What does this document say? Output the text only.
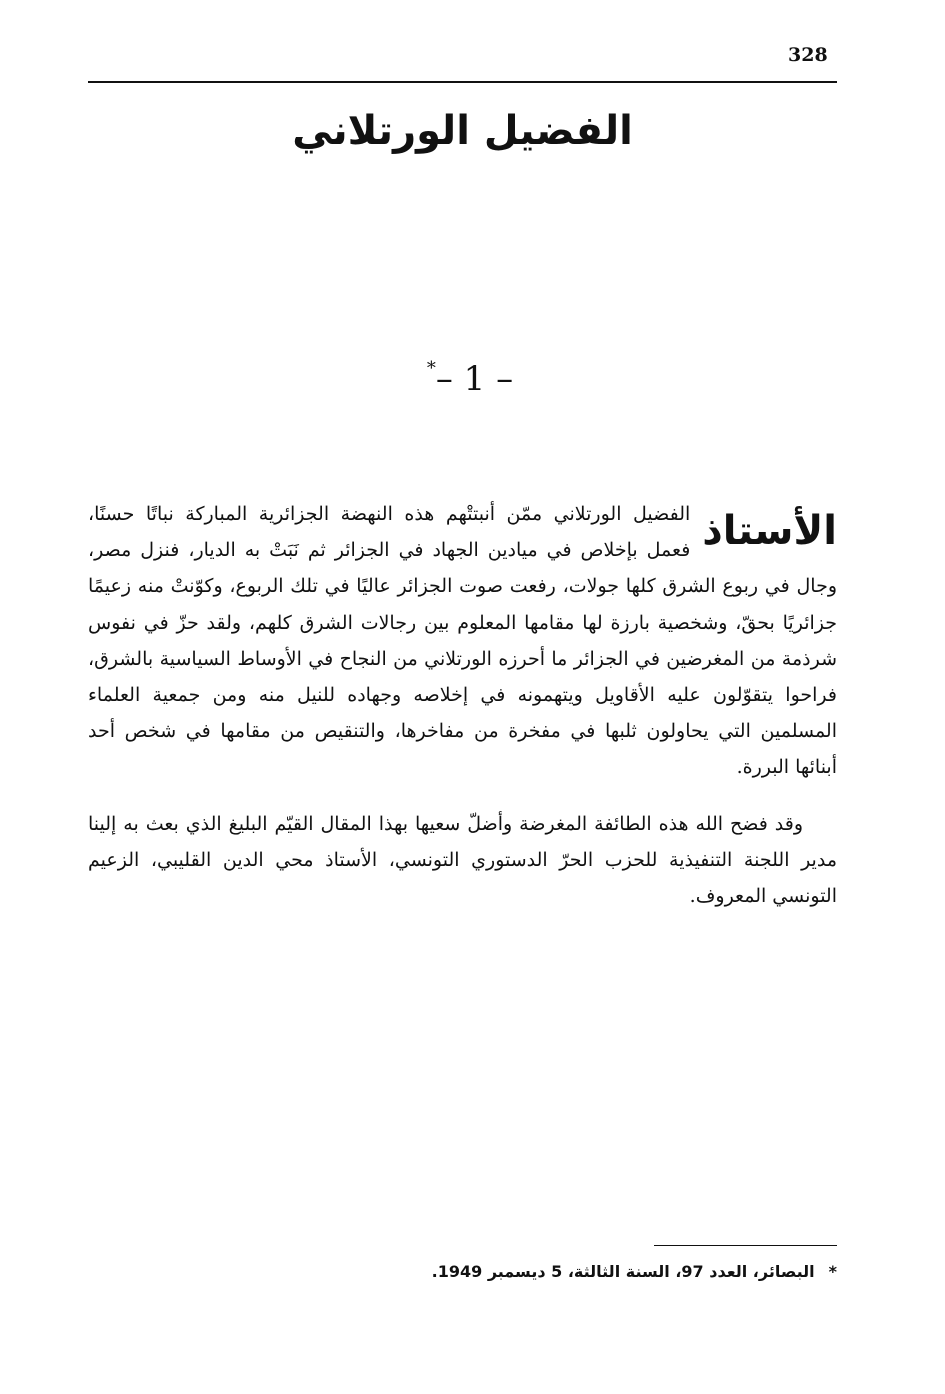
328
الفضيل الورتلاني
*– 1 –

الأستاذ
الفضيل الورتلاني ممّن أنبتتْهم هذه النهضة الجزائرية المباركة نباتًا حسنًا، فعمل بإخلاص في ميادين الجهاد في الجزائر ثم نَبَتْ به الديار، فنزل مصر، وجال في ربوع الشرق كلها جولات، رفعت صوت الجزائر عاليًا في تلك الربوع، وكوّنتْ منه زعيمًا جزائريًا بحقّ، وشخصية بارزة لها مقامها المعلوم بين رجالات الشرق كلهم، ولقد حزّ في نفوس شرذمة من المغرضين في الجزائر ما أحرزه الورتلاني من النجاح في الأوساط السياسية بالشرق، فراحوا يتقوّلون عليه الأقاويل ويتهمونه في إخلاصه وجهاده للنيل منه ومن جمعية العلماء المسلمين التي يحاولون ثلبها في مفخرة من مفاخرها، والتنقيص من مقامها في شخص أحد أبنائها البررة.

وقد فضح الله هذه الطائفة المغرضة وأضلّ سعيها بهذا المقال القيّم البليغ الذي بعث به إلينا مدير اللجنة التنفيذية للحزب الحرّ الدستوري التونسي، الأستاذ محي الدين القليبي، الزعيم التونسي المعروف.

*البصائر، العدد 97، السنة الثالثة، 5 ديسمبر 1949.
